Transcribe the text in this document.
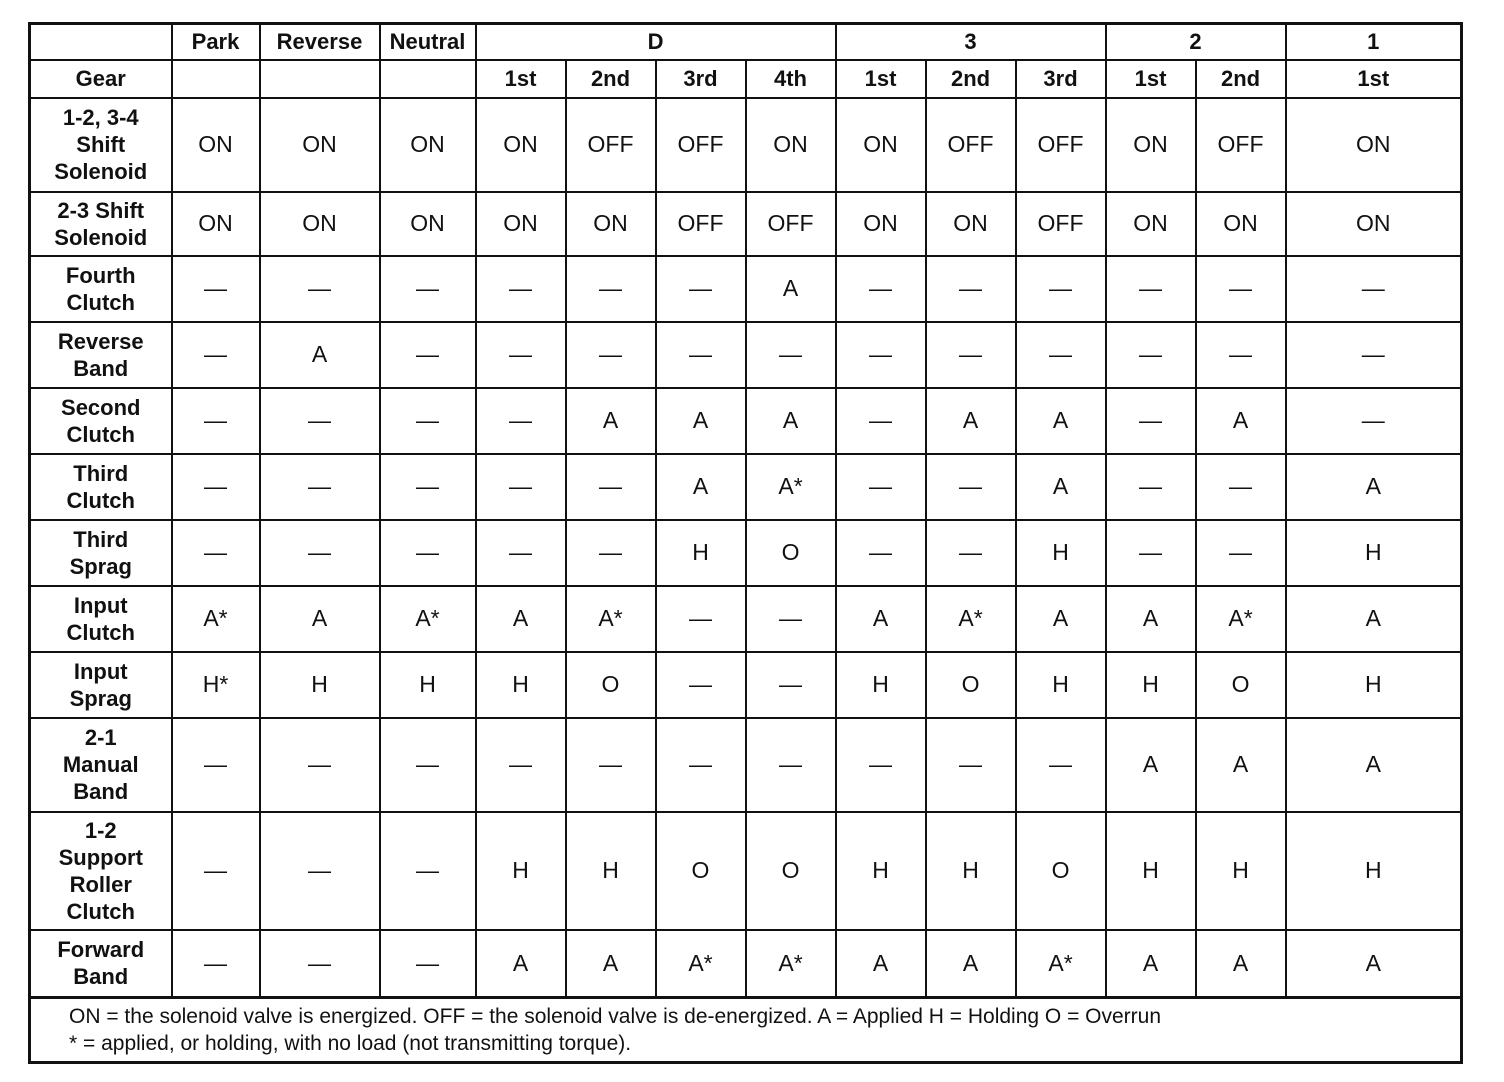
	Park	Reverse	Neutral	D				3			2		1
Gear				1st	2nd	3rd	4th	1st	2nd	3rd	1st	2nd	1st

1-2, 3-4
Shift
Solenoid	ON	ON	ON	ON	OFF	OFF	ON	ON	OFF	OFF	ON	OFF	ON

2-3 Shift
Solenoid	ON	ON	ON	ON	ON	OFF	OFF	ON	ON	OFF	ON	ON	ON

Fourth
Clutch	—	—	—	—	—	—	A	—	—	—	—	—	—

Reverse
Band	—	A	—	—	—	—	—	—	—	—	—	—	—

Second
Clutch	—	—	—	—	A	A	A	—	A	A	—	A	—

Third
Clutch	—	—	—	—	—	A	A*	—	—	A	—	—	A

Third
Sprag	—	—	—	—	—	H	O	—	—	H	—	—	H

Input
Clutch	A*	A	A*	A	A*	—	—	A	A*	A	A	A*	A

Input
Sprag	H*	H	H	H	O	—	—	H	O	H	H	O	H

2-1
Manual
Band	—	—	—	—	—	—	—	—	—	—	A	A	A

1-2
Support
Roller
Clutch	—	—	—	H	H	O	O	H	H	O	H	H	H

Forward
Band	—	—	—	A	A	A*	A*	A	A	A*	A	A	A

ON = the solenoid valve is energized. OFF = the solenoid valve is de-energized. A = Applied H = Holding O = Overrun
* = applied, or holding, with no load (not transmitting torque).													
